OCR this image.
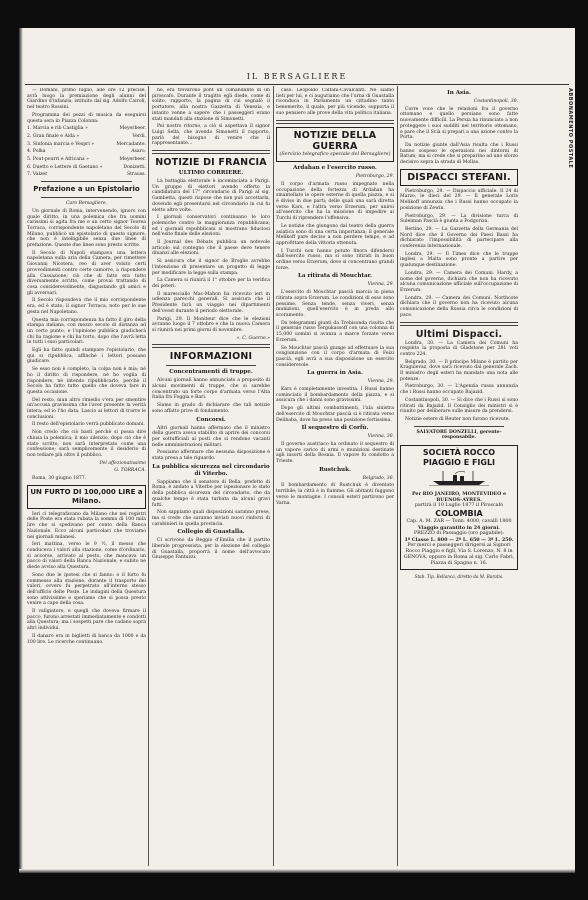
IL BERSAGLIERE
— Domani, primo luglio, alle ore 12 precise, avrà luogo la premiazione degli alunni del Giardino d'infanzia, istituito dal sig. Adolfo Cairoli, nel teatro Rossini.
Programma dei pezzi di musica da eseguirsi questa sera in Piazza Colonna:
1. Marcia e rib Castiglia »	Meyerbeer.
2. Gran finale e Aida »	Verdi.
3. Sinfonia marcia e Vespri »	Mercadante.
4. Polka	Asaro.
5. Pout-pourri e Africana »	Meyerbeer.
6. Duetto e Lettere di Gaetano »	Donizetti.
7. Valzer	Strauss.
Prefazione a un Epistolario
Caro Bersagliere,
Un giornale di Roma, intervenendo, ignoro con quale diritto, in una polemica che fra uomini carissimi si agita fra me e un certo signor Teorea Torraca, corrispondente napoletano del Secolo di Milano, pubblicò un epistolario di questo signore, che non è intelligibile senza due linee di prefazione. Queste due linee sono presto scritte.
Il Secolo di Napoli stampava una lettera napoletana sulla aria della Camera, per rimettere Giovanni Nicotera, reo di aver voluto certi provvedimenti contro certe camorre, a rispondere alla Cassazione; ciò che di fatto era tutto diversamente scritto, come provai trattando di cosa considerevolmente, disgustando gli amici e gli avversari.
Il Secolo rispondeva che il mio corrispondente era, ed è stato, il signor Torraca, noto per le sue gesta nel Napoletano.
Questa mia corrispondenza ha fatto il giro della stampa italiana, con mezzo secolo di distanza ad un certo punto, e l'opinione pubblica giudicherà chi ha ragione e chi ha torto, dopo che l'avrà letta in tutti i suoi particolari.
Egli ha fatto quindi stampare l'epistolario, che qui si ripubblica, affinchè i lettori possano giudicare.
Se esso non è completo, la colpa non è mia; né ho il diritto di rispondere, nè ho voglia di rispondere, nè intendo ripubblicarlo, perchè il Secolo ha fatto tutto quello che doveva fare in questa occasione.
Del resto, niun altro rimedio v'era per smentire un'accusa gravissima che l'aver presente la verità intera; ed io l'ho data. Lascio ai lettori di trarre le conclusioni.
Il resto dell'epistolario verrà pubblicato domani.
Non credo che ciò basti perchè si possa dire chiusa la polemica; il mio silenzio, dopo ciò che è stato scritto, non sarà interpretato come una confessione; sarà semplicemente il desiderio di non tediare più oltre il pubblico.
Pel affezionatissimo
G. TORRACA.
Roma, 30 giugno 1877.
UN FURTO DI 100,000 LIRE a Milano.
Ieri ci telegrafavano da Milano che nei registri delle Poste era stata rubata la somma di 100 mila lire che si spedivano per conto della Banca Nazionale. Ecco alcuni particolari che troviamo nei giornali milanesi.
Ieri mattina, verso le 9 ½, il messo che conduceva i valori alla stazione, come d'ordinario, si accorse, arrivato al posto, che mancava un pacco di valori della Banca Nazionale, e subito ne diede avviso alla Questura.
Sono due le ipotesi che si fanno: o il furto fu commesso alla stazione, durante il trasporto dei valori, ovvero fu perpetrato all'interno stesso dell'ufficio delle Poste. Le indagini della Questura sono attivissime e speriamo che si possa presto venire a capo della cosa.
Il valigiatore, e quegli che doveva firmare il pacco, furono arrestati immediatamente e condotti alla Questura; ma i sospetti pare che cadano sopra altri individui.
Il danaro era in biglietti di banca da 1000 e da 100 lire. Le ricerche continuano.
ne, era trovarono pont un comandante di un piroscafo. Durante il tragitto egli diede, come di solito, rapporto, la pagina di cui segnalò il portatore, alla nostra Gazzetta di Venezia, e intanto venne a sapere che i passeggeri erano stati mandati alla stazione di Simonetti.
Pel nostro ritorno, a ciò si aspettava il signor Luigi Sella, che avendo Simonetti il rapporto, parlò del bisogno di venire che il rappresentante...
NOTIZIE DI FRANCIA
ULTIMO CORRIERE.
La battaglia elettorale è incominciata a Parigi. Un gruppo di elettori avendo offerto la candidatura del 17° circondario di Parigi al sig. Gambetta, questi rispose che non può accettarla, dovendo egli presentarsi nel circondario in cui fu eletto altre volte.
I giornali conservatori continuano le loro polemiche contro la maggioranza repubblicana; ed i giornali repubblicani si mostrano fiduciosi nell'esito finale delle elezioni.
Il Journal des Débats pubblica un notevole articolo sul contegno che il paese deve tenere dinanzi alle elezioni.
Si assicura che il signor de Broglie avrebbe l'intenzione di presentare un progetto di legge per modificare la legge sulla stampa.
La Camera si riunirà il 1° ottobre per la verifica dei poteri.
Il maresciallo Mac-Mahon ha ricevuto ieri in udienza parecchi generali. Si assicura che il Presidente farà un viaggio nei dipartimenti dell'ovest durante il periodo elettorale.
Parigi, 29. Il Moniteur dice che le elezioni avranno luogo il 7 ottobre e che la nuova Camera si riunirà nei primi giorni di novembre.
«. C. Guerne.»
INFORMAZIONI
Concentramenti di truppe.
Alcuni giornali hanno annunciato a proposito di alcuni movimenti di truppe, che si sarebbe concentrato un forte corpo d'armata verso l'Alta Italia fra Foggia e Bari.
Siamo in grado di dichiarare che tali notizie sono affatto prive di fondamento.
Concorsi.
Altri giornali hanno affermato che il ministro della guerra aveva stabilito di aprire dei concorsi per sottufficiali ai posti che si rendono vacanti nelle amministrazioni militari.
Possiamo affermare che nessuna disposizione è stata presa a tale riguardo.
La pubblica sicurezza nel circondario di Viterbo.
Sappiamo che il senatore di Bella, prefetto di Roma, è andato a Viterbo per ispezionare lo stato della pubblica sicurezza del circondario, che da qualche tempo è stata turbata da alcuni gravi fatti.
Non sappiamo quali disposizioni saranno prese, ma si crede che saranno inviati nuovi rinforzi di carabinieri in quella provincia.
Collegio di Guastalla.
Ci scrivono da Reggio d'Emilia che il partito liberale progressista, per la elezione del collegio di Guastalla, proporrà il nome dell'avvocato Giuseppe Fantuzzi.
caso. Leopoldo Calfani-Cavalcanti. Ne siamo lieti per lui, e ci auguriamo che l'urna di Guastalla riconduca in Parlamento un cittadino tanto benemerito, il quale, per più vicende, sopporta il suo pensiero alle prove della vita politica italiana.
NOTIZIE DELLA GUERRA
(Servizio telegrafico speciale del Bersagliere)
Ardahan e l'esercito russo.
Pietroburgo, 29.
Il corpo d'armata russo impegnato nella occupazione della fortezza di Ardahan ha smantellato le opere esterne di quella piazza, e si è diviso in due parti; delle quali una sarà diretta verso Kars, e l'altra verso Erzerum, per unirsi all'esercito che ha la missione di impedire ai Turchi di riprendere l'offensiva.
Le notizie che giungono dal teatro della guerra asiatica sono di una certa importanza; il generale Melikoff pare deciso a non perdere tempo, e ad approfittare della vittoria ottenuta.
I Turchi non hanno potuto finora difendersi dall'esercito russo, ma si sono ritirati in buon ordine verso Erzerum, dove si concentrano grandi forze.
La ritirata di Mouchtar.
Vienna, 29.
L'esercito di Mouchtar pascià marcia in piena ritirata sopra Erzerum. Le condizioni di esso sono pessime. Senza tende, senza viveri, senza munizioni, quell'esercito è in preda allo scoramento.
Da telegrammi giunti da Trebisonda risulta che il generale russo Tergukassoff con una colonna di 15,000 uomini si avanza a marce forzate verso Erzerum.
Se Mouchtar pascià giunge ad effettuare la sua congiunzione con il corpo d'armata di Feizi pascià, egli avrà a sua disposizione un esercito considerevole.
La guerra in Asia.
Vienna, 29.
Kars è completamente investita. I Russi hanno cominciato il bombardamento della piazza, e si assicura che i danni sono gravissimi.
Dopo gli ultimi combattimenti, l'ala sinistra dell'esercito di Mouchtar pascià si è ritirata verso Delibaba, dove ha preso una posizione fortissima.
Il sequestro di Corfù.
Vienna, 30.
Il governo austriaco ha ordinato il sequestro di un vapore carico di armi e munizioni destinate agli insorti della Bosnia. Il vapore fu condotto a Trieste.
Rustchuk.
Belgrado, 30.
Il bombardamento di Rustchuk è diventato terribile; la città è in fiamme. Gli abitanti fuggono verso le montagne. I consoli esteri partirono per Varna.
In Asia.
Costantinopoli, 30.
Corre voce che le relazioni fra il governo ottomano e quello persiano sono fatte nuovamente difficili. La Persia ha rinunciato a non proteggere i suoi sudditi nel territorio ottomano, e pare che il Scià si prepari a una azione contro la Porta.
Da notizie giunte dall'Asia risulta che i Russi hanno sospeso le operazioni nei dintorni di Batum; ma si crede che si preparino ad uno sforzo decisivo sopra la strada di Mollas.
DISPACCI STEFANI.
Pietroburgo, 29. — Dispaccio ufficiale. Il 24 di Marzo, le dieci del 29. — Il generale Loris Melikoff annunzia che i Russi hanno occupato la posizione di Zewin.
Pietroburgo, 29. — La divisione turca di Suleiman Pascià è giunta a Podgoriza.
Berlino, 29. — La Gazzetta della Germania del Nord dice che il Governo dei Paesi Bassi ha dichiarato l'impossibilità di partecipare alla conferenza internazionale.
Londra, 29. — Il Times dice che le truppe inglesi a Malta sono pronte a partire per qualunque destinazione.
Londra, 29. — Camera dei Comuni. Hardy, a nome del governo, dichiara che non ha ricevuto alcuna comunicazione ufficiale sull'occupazione di Erzerum.
Londra, 29. — Camera dei Comuni. Northcote dichiara che il governo non ha ricevuto alcuna comunicazione della Russia circa le condizioni di pace.
Ultimi Dispacci.
Londra, 30. — La Camera dei Comuni ha respinto la proposta di Gladstone per 281 voti contro 224.
Belgrado, 30. — Il principe Milano è partito per Kraguievaz, dove sarà ricevuto dal generale Zach. Il ministro degli esteri ha mandato una nota alle potenze.
Pietroburgo, 30. — L'Agenzia russa annunzia che i Russi hanno occupato Bajazid.
Costantinopoli, 30. — Si dice che i Russi si sono ritirati da Bajazid. Il Consiglio dei ministri si è riunito per deliberare sulle misure da prendersi.
Notizie estere di Reuter non furono ricevute.
SALVATORE DONZELLI, gerente-responsabile.
SOCIETÀ ROCCO PIAGGIO E FIGLI
Per RIO JANEIRO, MONTEVIDEO e BUENOS-AYRES.
partirà il 10 Luglio 1877 il Piroscafo
COLOMBIA
Cap. A. M. ZAR — Tonn. 4000, cavalli 1800
Viaggio garantito in 24 giorni.
PREZZO di Passaggio (oro pagabile):
1ª Classe L. 800 — 2ª L. 650 — 3ª L. 250.
Per merci e passeggeri dirigersi ai Signori Rocco Piaggio e figli, Via S. Lorenzo, N. 8 in GENOVA, oppure in Roma al sig. Carlo Fabri, Piazza di Spagna n. 16.
Stab. Tip. Bellanca, diretto da M. Buratis.
ABBONAMENTO POSTALE
